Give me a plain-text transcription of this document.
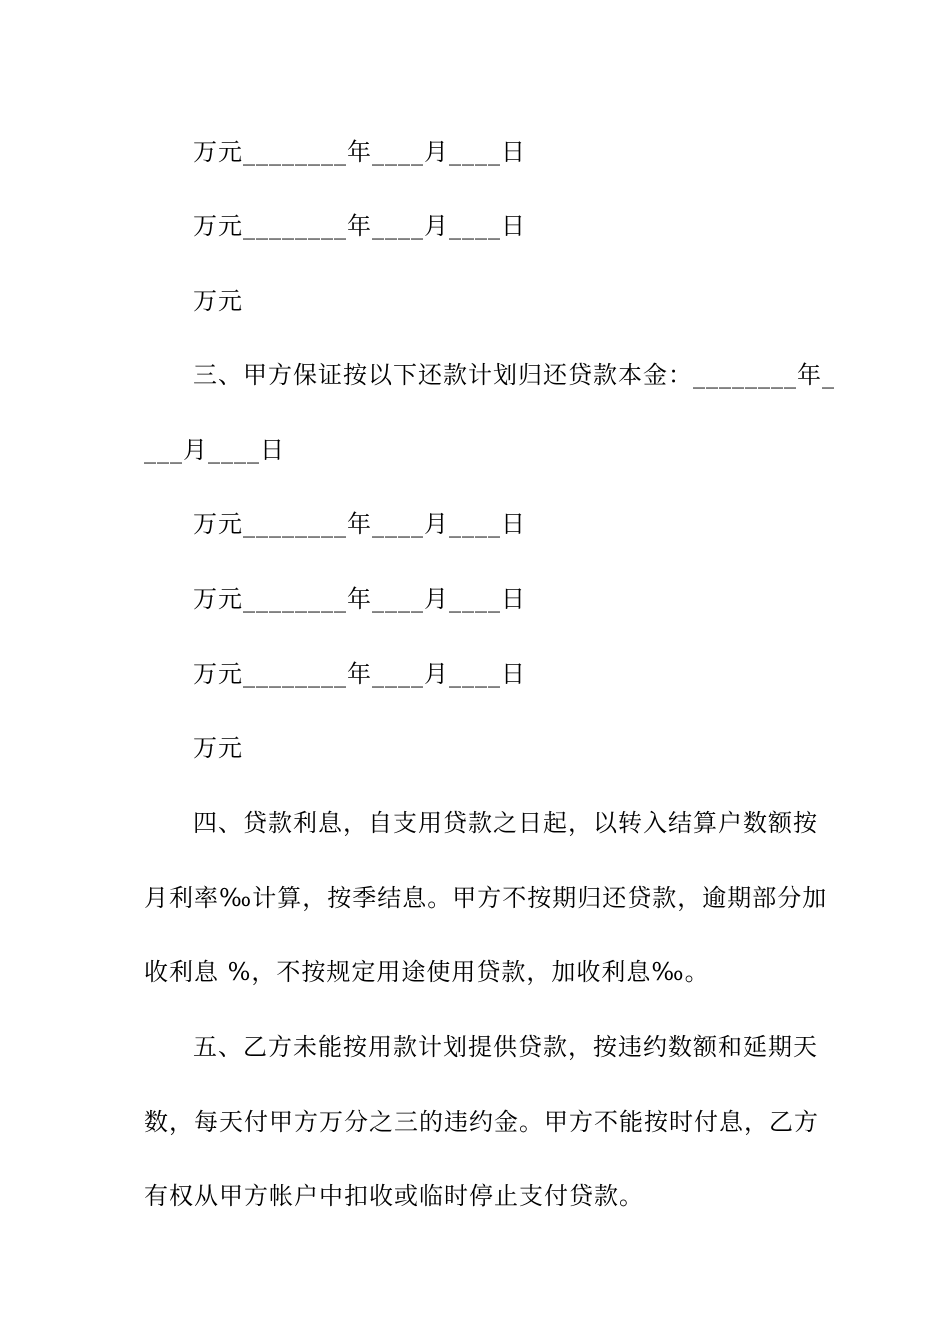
万元________年____月____日
万元________年____月____日
万元
三、甲方保证按以下还款计划归还贷款本金：________年_
___月____日
万元________年____月____日
万元________年____月____日
万元________年____月____日
万元
四、贷款利息，自支用贷款之日起，以转入结算户数额按
月利率‰计算，按季结息。甲方不按期归还贷款，逾期部分加
收利息 %，不按规定用途使用贷款，加收利息‰。
五、乙方未能按用款计划提供贷款，按违约数额和延期天
数，每天付甲方万分之三的违约金。甲方不能按时付息，乙方
有权从甲方帐户中扣收或临时停止支付贷款。
